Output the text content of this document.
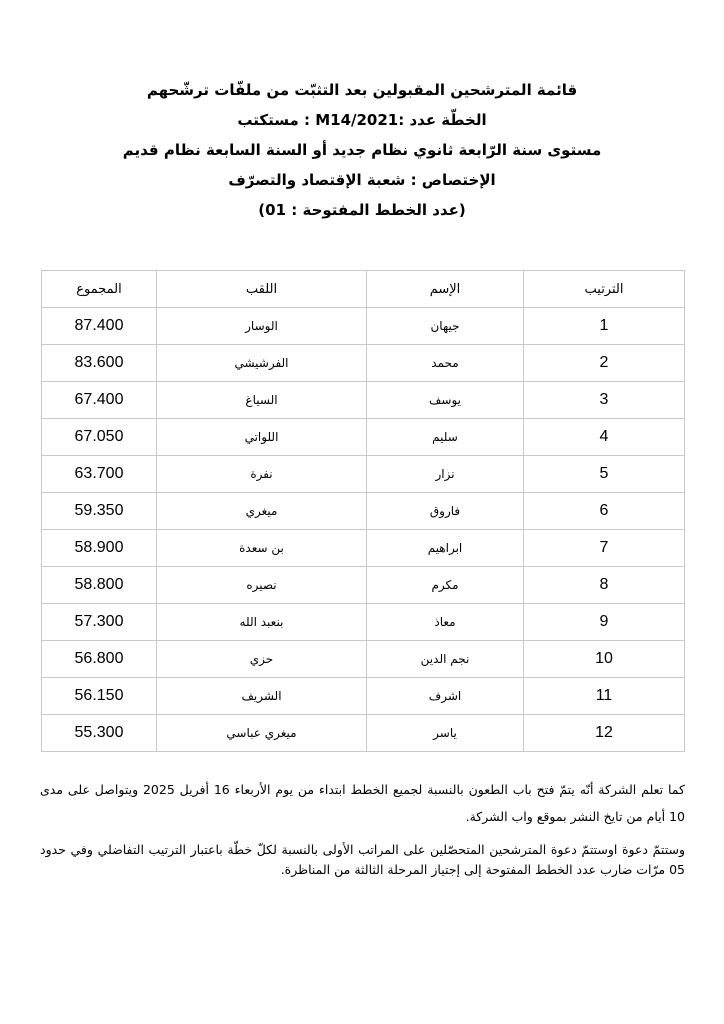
قائمة المترشحين المقبولين بعد التثبّت من ملفّات ترشّحهم
الخطّة عدد :M14/2021 : مستكتب
مستوى سنة الرّابعة ثانوي نظام جديد أو السنة السابعة نظام قديم
الإختصاص : شعبة الإقتصاد والتصرّف
(عدد الخطط المفتوحة : 01)
الترتيب	الإسم	اللقب	المجموع
1	جيهان	الوسار	87.400
2	محمد	الفرشيشي	83.600
3	يوسف	السياغ	67.400
4	سليم	اللواتي	67.050
5	نزار	نفرة	63.700
6	فاروق	ميغري	59.350
7	ابراهيم	بن سعدة	58.900
8	مكرم	نصيره	58.800
9	معاذ	بنعبد الله	57.300
10	نجم الدين	حزي	56.800
11	اشرف	الشريف	56.150
12	ياسر	ميغري عباسي	55.300

كما تعلم الشركة أنّه يتمّ فتح باب الطعون بالنسبة لجميع الخطط ابتداء من يوم الأربعاء 16 أفريل 2025 ويتواصل على مدى 10 أيام من تايخ النشر بموقع واب الشركة.

وستتمّ دعوة اوستتمّ دعوة المترشحين المتحصّلين على المراتب الأولى بالنسبة لكلّ خطّة باعتبار الترتيب التفاضلي وفي حدود 05 مرّات ضارب عدد الخطط المفتوحة إلى إجتياز المرحلة الثالثة من المناظرة.
